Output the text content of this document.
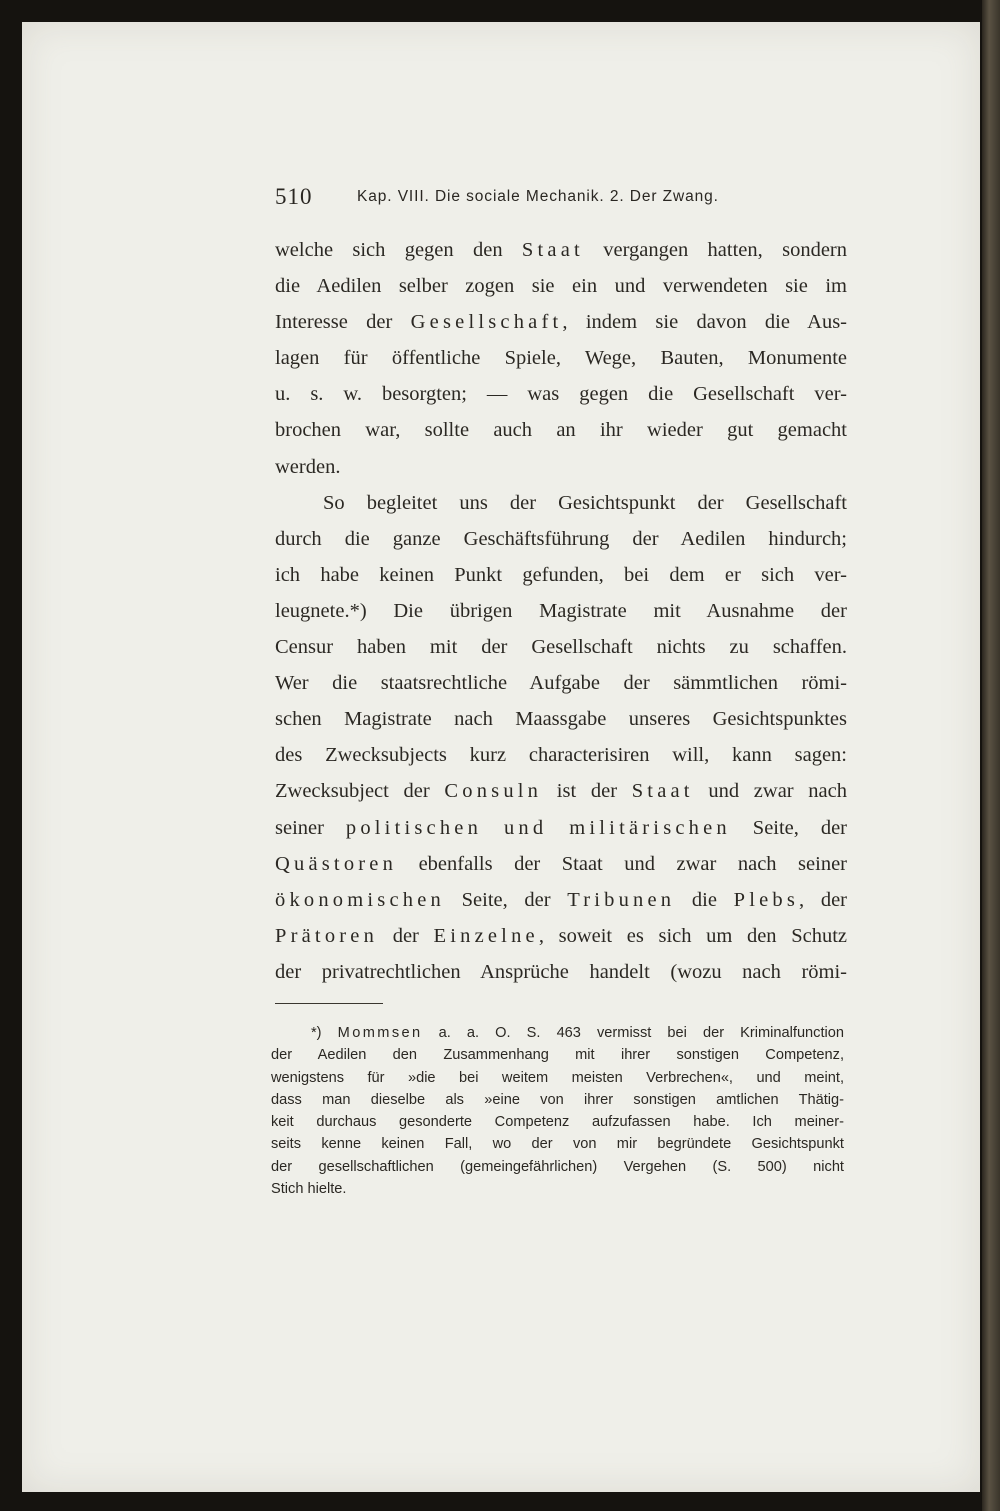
510	Kap. VIII. Die sociale Mechanik. 2. Der Zwang.
welche sich gegen den Staat vergangen hatten, sondern
die Aedilen selber zogen sie ein und verwendeten sie im
Interesse der Gesellschaft, indem sie davon die Aus-
lagen für öffentliche Spiele, Wege, Bauten, Monumente
u. s. w. besorgten; — was gegen die Gesellschaft ver-
brochen war, sollte auch an ihr wieder gut gemacht
werden.
So begleitet uns der Gesichtspunkt der Gesellschaft
durch die ganze Geschäftsführung der Aedilen hindurch;
ich habe keinen Punkt gefunden, bei dem er sich ver-
leugnete.*) Die übrigen Magistrate mit Ausnahme der
Censur haben mit der Gesellschaft nichts zu schaffen.
Wer die staatsrechtliche Aufgabe der sämmtlichen römi-
schen Magistrate nach Maassgabe unseres Gesichtspunktes
des Zwecksubjects kurz characterisiren will, kann sagen:
Zwecksubject der Consuln ist der Staat und zwar nach
seiner politischen und militärischen Seite, der
Quästoren ebenfalls der Staat und zwar nach seiner
ökonomischen Seite, der Tribunen die Plebs, der
Prätoren der Einzelne, soweit es sich um den Schutz
der privatrechtlichen Ansprüche handelt (wozu nach römi-
*) Mommsen a. a. O. S. 463 vermisst bei der Kriminalfunction
der Aedilen den Zusammenhang mit ihrer sonstigen Competenz,
wenigstens für »die bei weitem meisten Verbrechen«, und meint,
dass man dieselbe als »eine von ihrer sonstigen amtlichen Thätig-
keit durchaus gesonderte Competenz aufzufassen habe. Ich meiner-
seits kenne keinen Fall, wo der von mir begründete Gesichtspunkt
der gesellschaftlichen (gemeingefährlichen) Vergehen (S. 500) nicht
Stich hielte.
